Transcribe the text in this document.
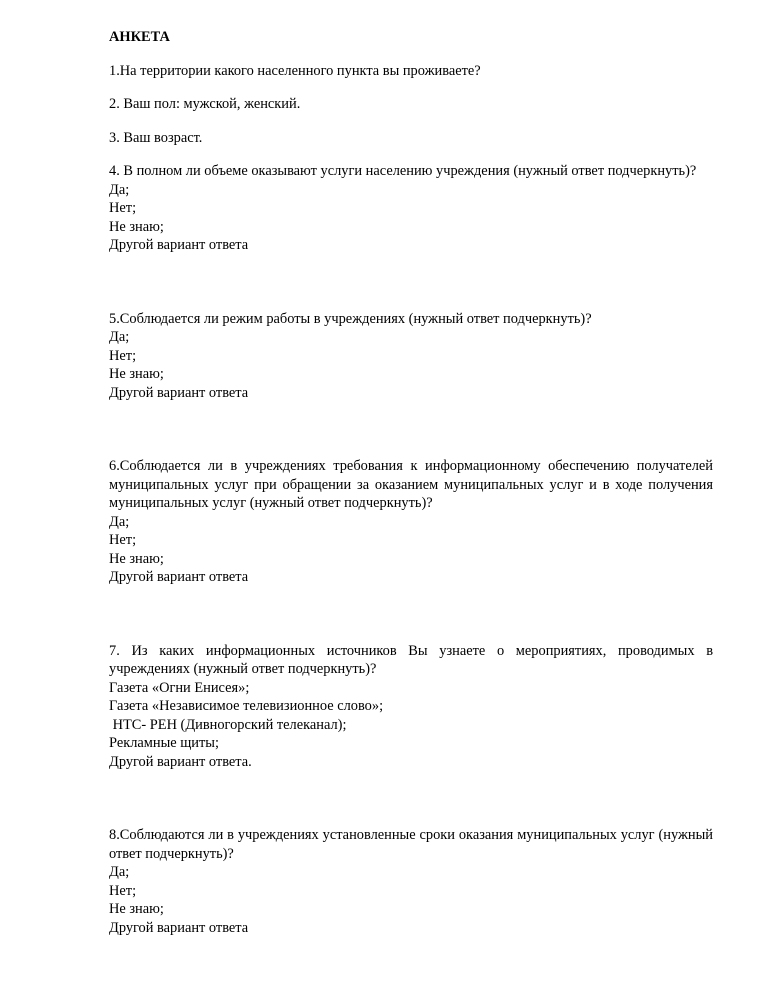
АНКЕТА

1.На территории какого населенного пункта вы проживаете?

2. Ваш пол: мужской, женский.

3. Ваш возраст.

4. В полном ли объеме оказывают услуги населению учреждения (нужный ответ подчеркнуть)?

Да;

Нет;

Не знаю;

Другой вариант ответа

5.Соблюдается ли режим работы в учреждениях (нужный ответ подчеркнуть)?

Да;

Нет;

Не знаю;

Другой вариант ответа

6.Соблюдается ли в учреждениях требования к информационному обеспечению получателей муниципальных услуг при обращении за оказанием муниципальных услуг и в ходе получения муниципальных услуг (нужный ответ подчеркнуть)?

Да;

Нет;

Не знаю;

Другой вариант ответа

7. Из каких информационных источников Вы узнаете о мероприятиях, проводимых в учреждениях (нужный ответ подчеркнуть)?

Газета «Огни Енисея»;

Газета «Независимое телевизионное слово»;

НТС- РЕН (Дивногорский телеканал);

Рекламные щиты;

Другой вариант ответа.

8.Соблюдаются ли в учреждениях установленные сроки оказания муниципальных услуг (нужный ответ подчеркнуть)?

Да;

Нет;

Не знаю;

Другой вариант ответа
